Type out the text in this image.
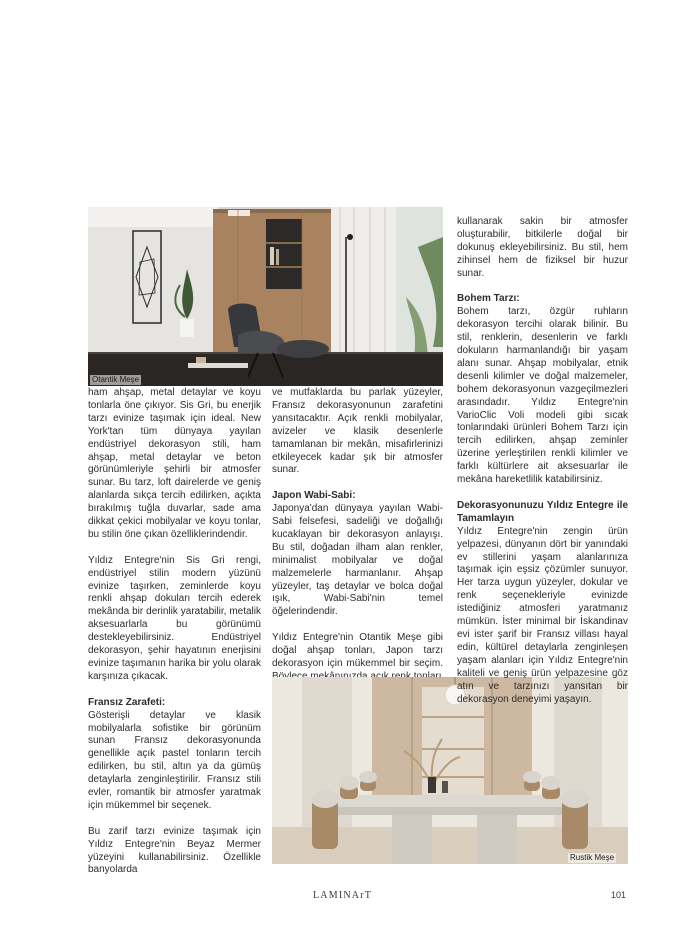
Otantik Meşe

ham ahşap, metal detaylar ve koyu tonlarla öne çıkıyor. Sis Gri, bu enerjik tarzı evinize taşımak için ideal. New York'tan tüm dünyaya yayılan endüstriyel dekorasyon stili, ham ahşap, metal detaylar ve beton görünümleriyle şehirli bir atmosfer sunar. Bu tarz, loft dairelerde ve geniş alanlarda sıkça tercih edilirken, açıkta bırakılmış tuğla duvarlar, sade ama dikkat çekici mobilyalar ve koyu tonlar, bu stilin öne çıkan özelliklerindendir.

Yıldız Entegre'nin Sis Gri rengi, endüstriyel stilin modern yüzünü evinize taşırken, zeminlerde koyu renkli ahşap dokuları tercih ederek mekânda bir derinlik yaratabilir, metalik aksesuarlarla bu görünümü destekleyebilirsiniz. Endüstriyel dekorasyon, şehir hayatının enerjisini evinize taşımanın harika bir yolu olarak karşınıza çıkacak.

Fransız Zarafeti:

Gösterişli detaylar ve klasik mobilyalarla sofistike bir görünüm sunan Fransız dekorasyonunda genellikle açık pastel tonların tercih edilirken, bu stil, altın ya da gümüş detaylarla zenginleştirilir. Fransız stili evler, romantik bir atmosfer yaratmak için mükemmel bir seçenek.

Bu zarif tarzı evinize taşımak için Yıldız Entegre'nin Beyaz Mermer yüzeyini kullanabilirsiniz. Özellikle banyolarda

ve mutfaklarda bu parlak yüzeyler, Fransız dekorasyonunun zarafetini yansıtacaktır. Açık renkli mobilyalar, avizeler ve klasik desenlerle tamamlanan bir mekân, misafirlerinizi etkileyecek kadar şık bir atmosfer sunar.

Japon Wabi-Sabi:

Japonya'dan dünyaya yayılan Wabi-Sabi felsefesi, sadeliği ve doğallığı kucaklayan bir dekorasyon anlayışı. Bu stil, doğadan ilham alan renkler, minimalist mobilyalar ve doğal malzemelerle harmanlanır. Ahşap yüzeyler, taş detaylar ve bolca doğal ışık, Wabi-Sabi'nin temel öğelerindendir.

Yıldız Entegre'nin Otantik Meşe gibi doğal ahşap tonları, Japon tarzı dekorasyon için mükemmel bir seçim.

Rustik Meşe

kullanarak sakin bir atmosfer oluşturabilir, bitkilerle doğal bir dokunuş ekleyebilirsiniz. Bu stil, hem zihinsel hem de fiziksel bir huzur sunar.

Bohem Tarzı:

Bohem tarzı, özgür ruhların dekorasyon tercihi olarak bilinir. Bu stil, renklerin, desenlerin ve farklı dokuların harmanlandığı bir yaşam alanı sunar. Ahşap mobilyalar, etnik desenli kilimler ve doğal malzemeler, bohem dekorasyonun vazgeçilmezleri arasındadır. Yıldız Entegre'nin VarioClic Voli modeli gibi sıcak tonlarındaki ürünleri Bohem Tarzı için tercih edilirken, ahşap zeminler üzerine yerleştirilen renkli kilimler ve farklı kültürlere ait aksesuarlar ile mekâna hareketlilik katabilirsiniz.

Dekorasyonunuzu Yıldız Entegre ile Tamamlayın

Yıldız Entegre'nin zengin ürün yelpazesi, dünyanın dört bir yanındaki ev stillerini yaşam alanlarınıza taşımak için eşsiz çözümler sunuyor. Her tarza uygun yüzeyler, dokular ve renk seçenekleriyle evinizde istediğiniz atmosferi yaratmanız mümkün. İster minimal bir İskandinav evi ister şarif bir Fransız villası hayal edin, kültürel detaylarla zenginleşen yaşam alanları için Yıldız Entegre'nin kaliteli ve geniş ürün yelpazesine göz atın ve tarzınızı yansıtan bir dekorasyon deneyimi yaşayın.

LAMINArT	101
